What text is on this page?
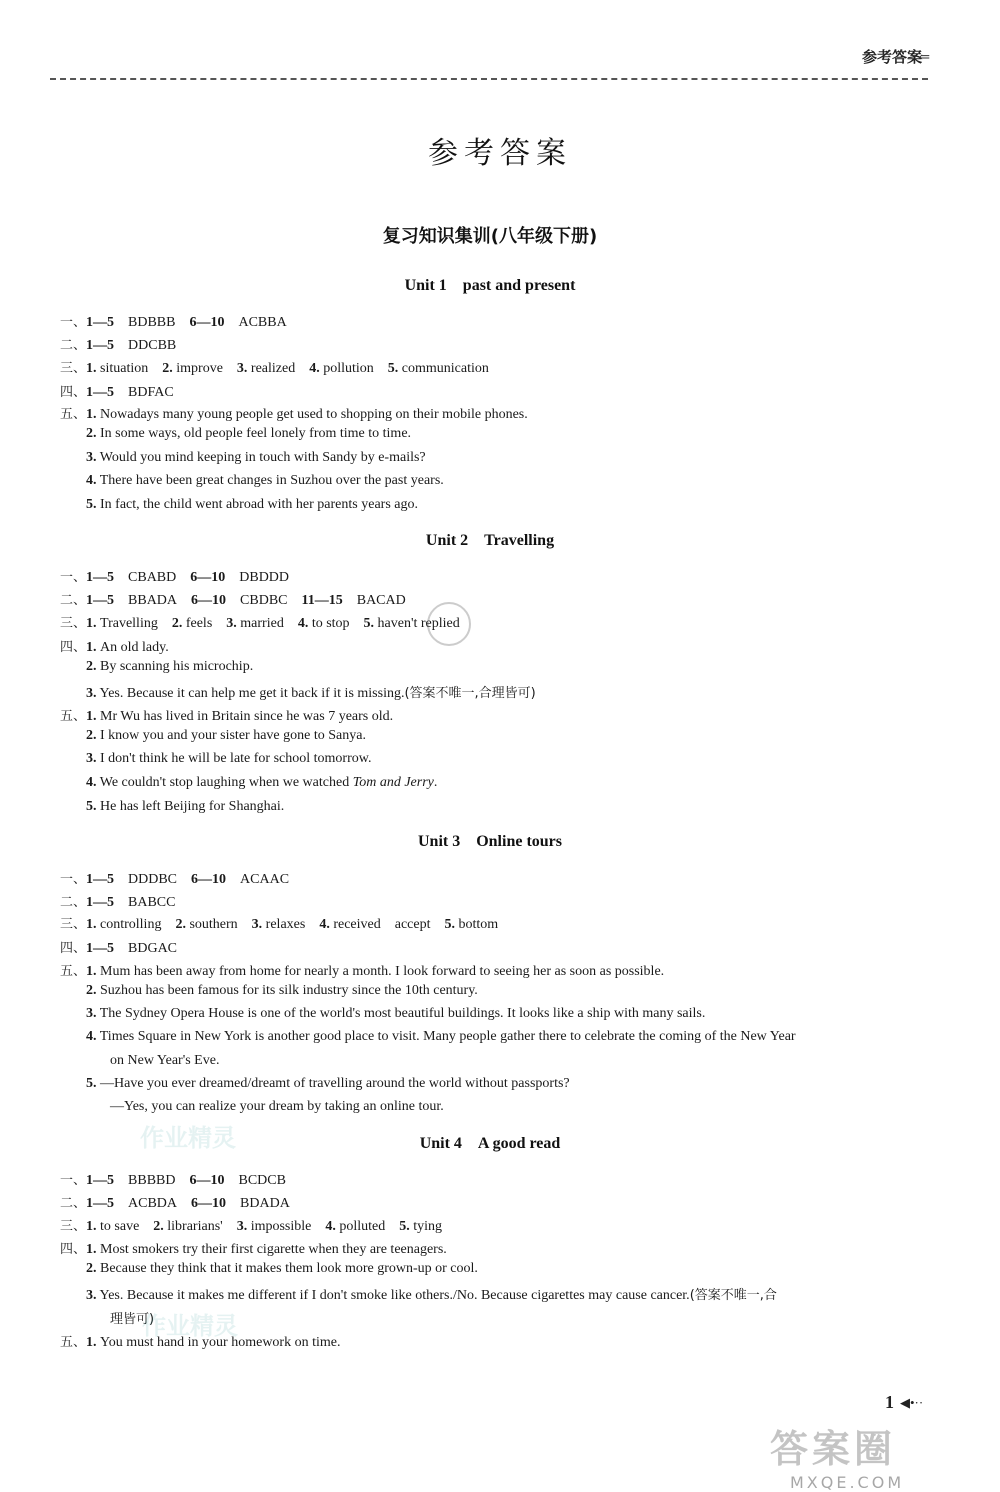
参考答案
⇐
参考答案
复习知识集训(八年级下册)
Unit 1　past and present
一、1—5 BDBBB 6—10 ACBBA
二、1—5 DDCBB
三、1. situation 2. improve 3. realized 4. pollution 5. communication
四、1—5 BDFAC
五、1. Nowadays many young people get used to shopping on their mobile phones.
2. In some ways, old people feel lonely from time to time.
3. Would you mind keeping in touch with Sandy by e-mails?
4. There have been great changes in Suzhou over the past years.
5. In fact, the child went abroad with her parents years ago.
Unit 2　Travelling
一、1—5 CBABD 6—10 DBDDD
二、1—5 BBADA 6—10 CBDBC 11—15 BACAD
三、1. Travelling 2. feels 3. married 4. to stop 5. haven't replied
四、1. An old lady.
2. By scanning his microchip.
3. Yes. Because it can help me get it back if it is missing.(答案不唯一,合理皆可)
五、1. Mr Wu has lived in Britain since he was 7 years old.
2. I know you and your sister have gone to Sanya.
3. I don't think he will be late for school tomorrow.
4. We couldn't stop laughing when we watched Tom and Jerry.
5. He has left Beijing for Shanghai.
Unit 3　Online tours
一、1—5 DDDBC 6—10 ACAAC
二、1—5 BABCC
三、1. controlling 2. southern 3. relaxes 4. received　accept 5. bottom
四、1—5 BDGAC
五、1. Mum has been away from home for nearly a month. I look forward to seeing her as soon as possible.
2. Suzhou has been famous for its silk industry since the 10th century.
3. The Sydney Opera House is one of the world's most beautiful buildings. It looks like a ship with many sails.
4. Times Square in New York is another good place to visit. Many people gather there to celebrate the coming of the New Year
on New Year's Eve.
5. —Have you ever dreamed/dreamt of travelling around the world without passports?
—Yes, you can realize your dream by taking an online tour.
Unit 4　A good read
一、1—5 BBBBD 6—10 BCDCB
二、1—5 ACBDA 6—10 BDADA
三、1. to save 2. librarians' 3. impossible 4. polluted 5. tying
四、1. Most smokers try their first cigarette when they are teenagers.
2. Because they think that it makes them look more grown-up or cool.
3. Yes. Because it makes me different if I don't smoke like others./No. Because cigarettes may cause cancer.(答案不唯一,合
理皆可)
五、1. You must hand in your homework on time.
作业精灵
作业精灵
1 ◀•··
答案圈
MXQE.COM
